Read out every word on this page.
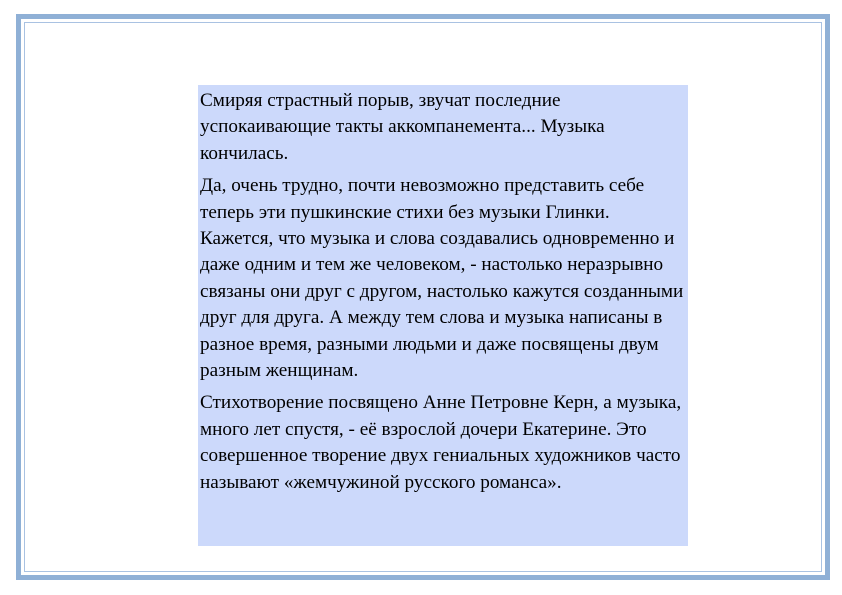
Смиряя страстный порыв, звучат последние успокаивающие такты аккомпанемента... Музыка кончилась.

Да, очень трудно, почти невозможно представить себе теперь эти пушкинские стихи без музыки Глинки. Кажется, что музыка и слова создавались одновременно и даже одним и тем же человеком, - настолько неразрывно связаны они друг с другом, настолько кажутся созданными друг для друга. А между тем слова и музыка написаны в разное время, разными людьми и даже посвящены двум разным женщинам.

Стихотворение посвящено Анне Петровне Керн, а музыка, много лет спустя, - её взрослой дочери Екатерине. Это совершенное творение двух гениальных художников часто называют «жемчужиной русского романса».
